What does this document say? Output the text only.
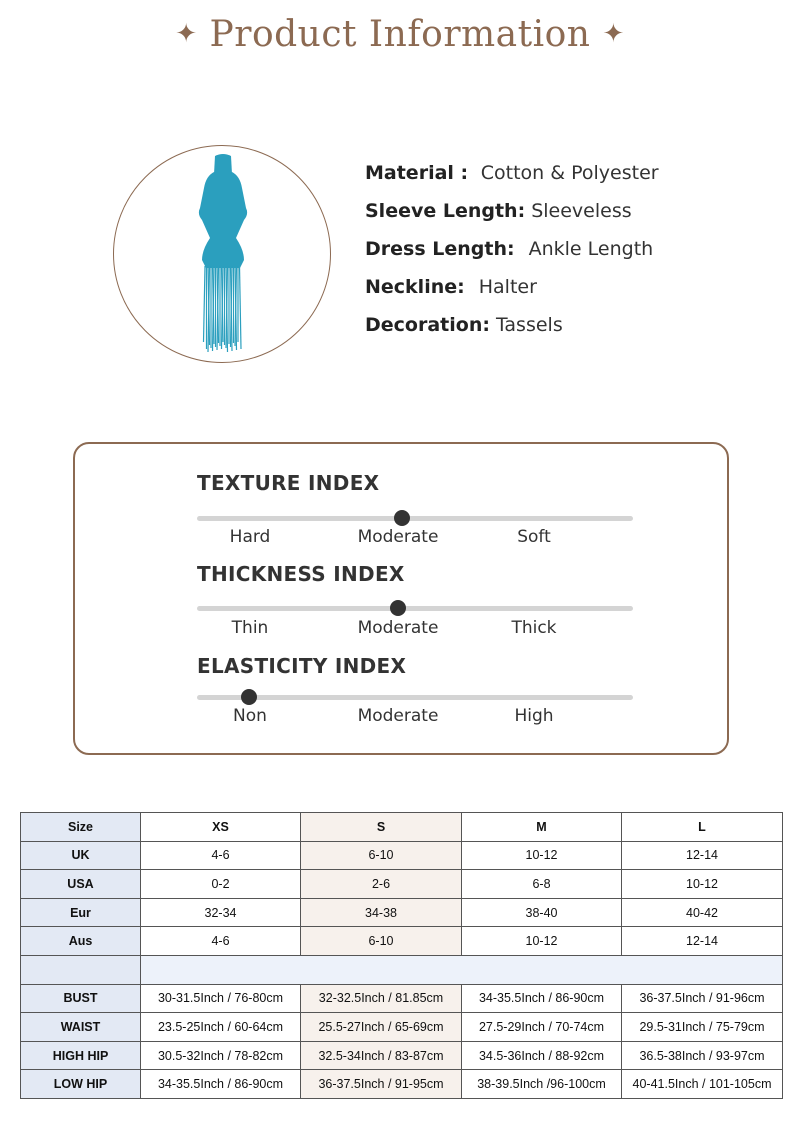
✦ Product Information ✦
Material : Cotton & Polyester
Sleeve Length: Sleeveless
Dress Length: Ankle Length
Neckline: Halter
Decoration: Tassels
TEXTURE INDEX
Hard	Moderate	Soft
THICKNESS INDEX
Thin	Moderate	Thick
ELASTICITY INDEX
Non	Moderate	High
Size	XS	S	M	L
UK	4-6	6-10	10-12	12-14
USA	0-2	2-6	6-8	10-12
Eur	32-34	34-38	38-40	40-42
Aus	4-6	6-10	10-12	12-14

BUST	30-31.5Inch / 76-80cm	32-32.5Inch / 81.85cm	34-35.5Inch / 86-90cm	36-37.5Inch / 91-96cm
WAIST	23.5-25Inch / 60-64cm	25.5-27Inch / 65-69cm	27.5-29Inch / 70-74cm	29.5-31Inch / 75-79cm
HIGH HIP	30.5-32Inch / 78-82cm	32.5-34Inch / 83-87cm	34.5-36Inch / 88-92cm	36.5-38Inch / 93-97cm
LOW HIP	34-35.5Inch / 86-90cm	36-37.5Inch / 91-95cm	38-39.5Inch /96-100cm	40-41.5Inch / 101-105cm
